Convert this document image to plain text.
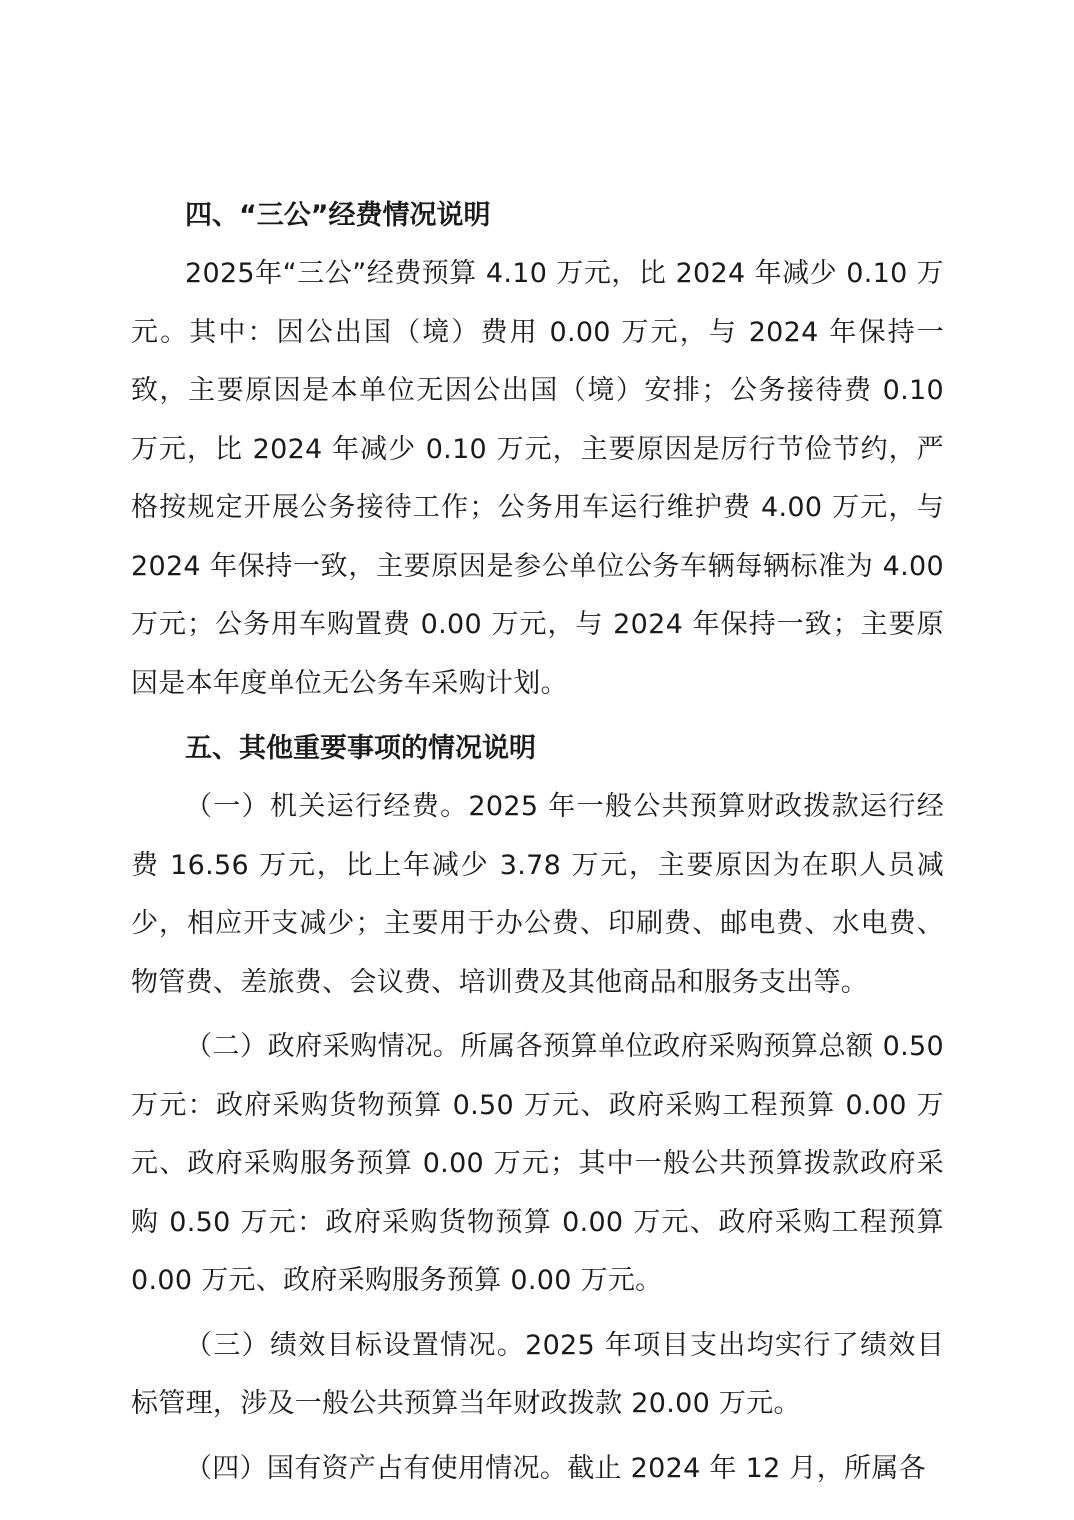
四、“三公”经费情况说明

2025年“三公”经费预算 4.10 万元，比 2024 年减少 0.10 万元。其中：因公出国（境）费用 0.00 万元，与 2024 年保持一致，主要原因是本单位无因公出国（境）安排；公务接待费 0.10 万元，比 2024 年减少 0.10 万元，主要原因是厉行节俭节约，严格按规定开展公务接待工作；公务用车运行维护费 4.00 万元，与 2024 年保持一致，主要原因是参公单位公务车辆每辆标准为 4.00 万元；公务用车购置费 0.00 万元，与 2024 年保持一致；主要原因是本年度单位无公务车采购计划。

五、其他重要事项的情况说明

（一）机关运行经费。2025 年一般公共预算财政拨款运行经费 16.56 万元，比上年减少 3.78 万元，主要原因为在职人员减少，相应开支减少；主要用于办公费、印刷费、邮电费、水电费、物管费、差旅费、会议费、培训费及其他商品和服务支出等。

（二）政府采购情况。所属各预算单位政府采购预算总额 0.50 万元：政府采购货物预算 0.50 万元、政府采购工程预算 0.00 万元、政府采购服务预算 0.00 万元；其中一般公共预算拨款政府采购 0.50 万元：政府采购货物预算 0.00 万元、政府采购工程预算 0.00 万元、政府采购服务预算 0.00 万元。

（三）绩效目标设置情况。2025 年项目支出均实行了绩效目标管理，涉及一般公共预算当年财政拨款 20.00 万元。

（四）国有资产占有使用情况。截止 2024 年 12 月，所属各
